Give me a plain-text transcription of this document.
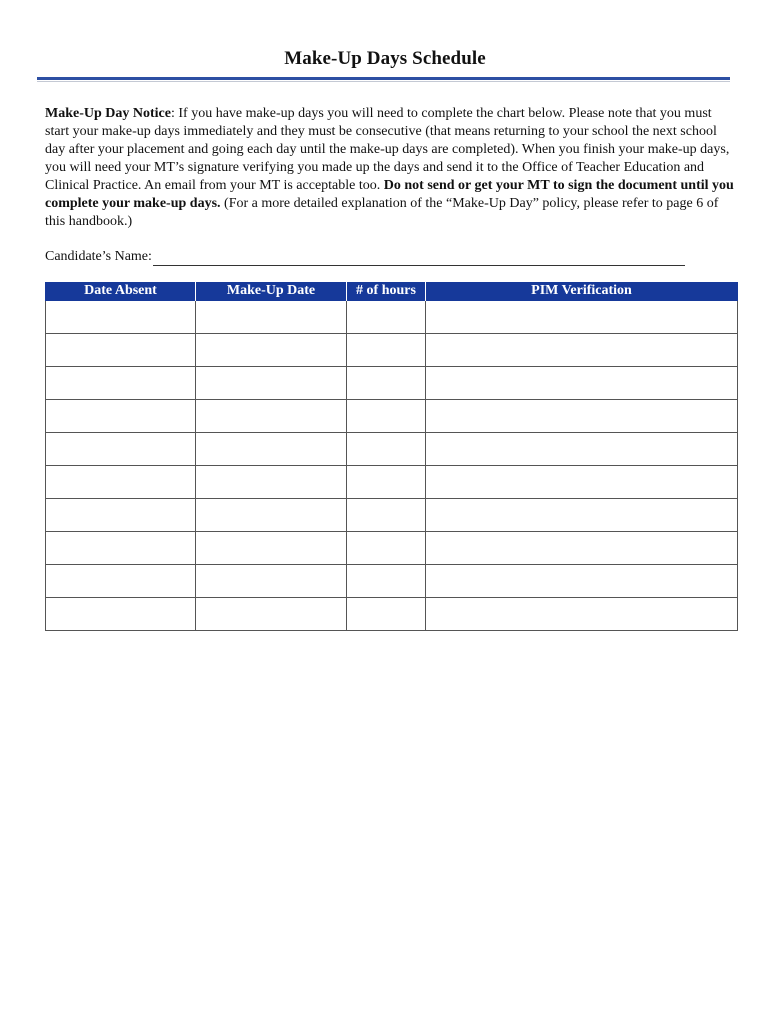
Make-Up Days Schedule

Make-Up Day Notice: If you have make-up days you will need to complete the chart below. Please note that you must start your make-up days immediately and they must be consecutive (that means returning to your school the next school day after your placement and going each day until the make-up days are completed). When you finish your make-up days, you will need your MT’s signature verifying you made up the days and send it to the Office of Teacher Education and Clinical Practice. An email from your MT is acceptable too. Do not send or get your MT to sign the document until you complete your make-up days. (For a more detailed explanation of the “Make-Up Day” policy, please refer to page 6 of this handbook.)

Candidate’s Name:
Date Absent	Make-Up Date	# of hours	PIM Verification
